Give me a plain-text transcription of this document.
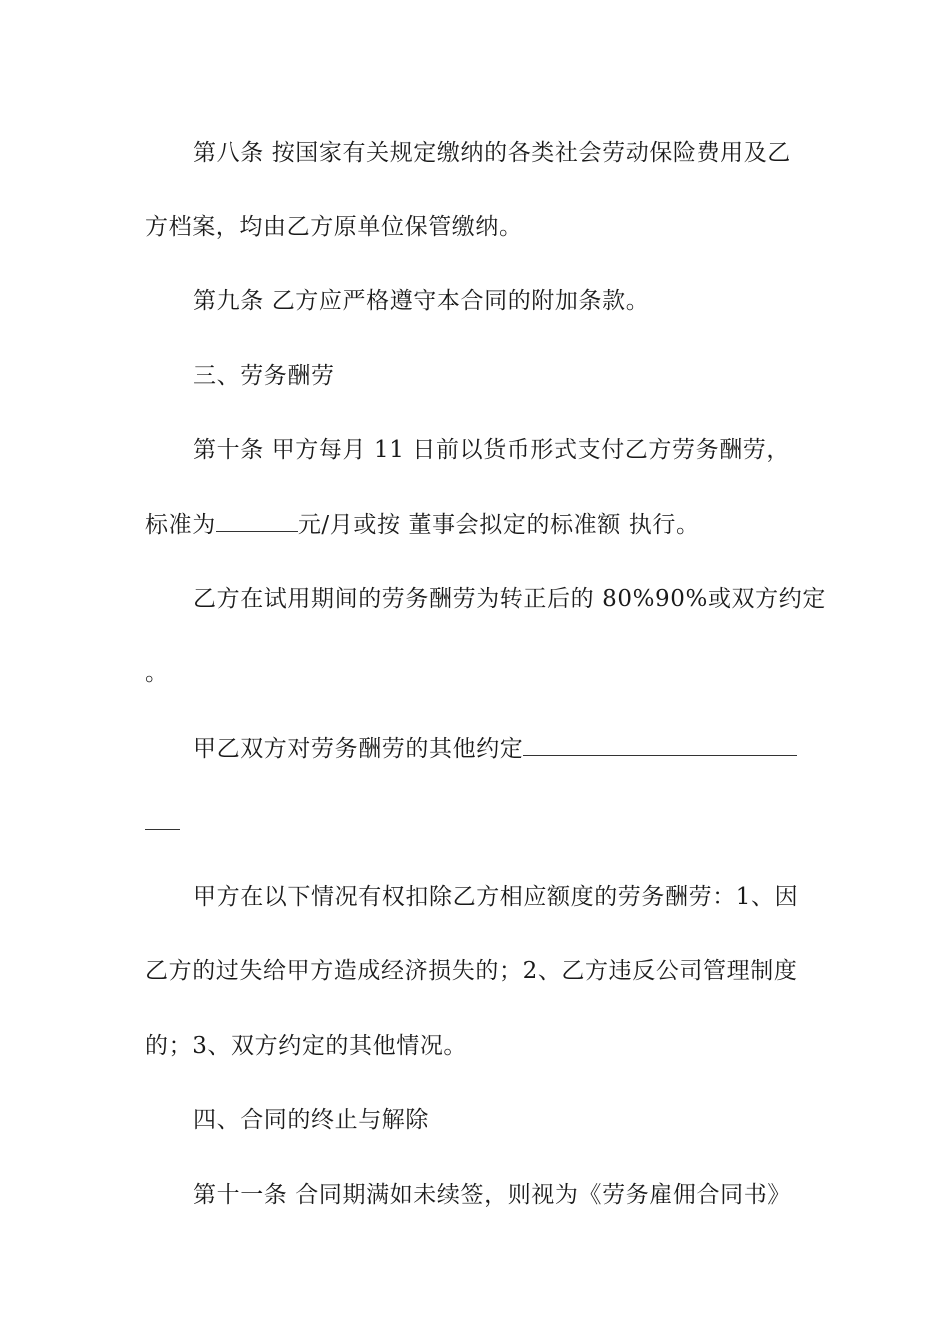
第八条 按国家有关规定缴纳的各类社会劳动保险费用及乙
方档案，均由乙方原单位保管缴纳。
第九条 乙方应严格遵守本合同的附加条款。
三、劳务酬劳
第十条 甲方每月 11 日前以货币形式支付乙方劳务酬劳，
标准为	元/月或按 董事会拟定的标准额 执行。
乙方在试用期间的劳务酬劳为转正后的 80%90%或双方约定
。
甲乙双方对劳务酬劳的其他约定
甲方在以下情况有权扣除乙方相应额度的劳务酬劳：1、因
乙方的过失给甲方造成经济损失的；2、乙方违反公司管理制度
的；3、双方约定的其他情况。
四、合同的终止与解除
第十一条 合同期满如未续签，则视为《劳务雇佣合同书》
